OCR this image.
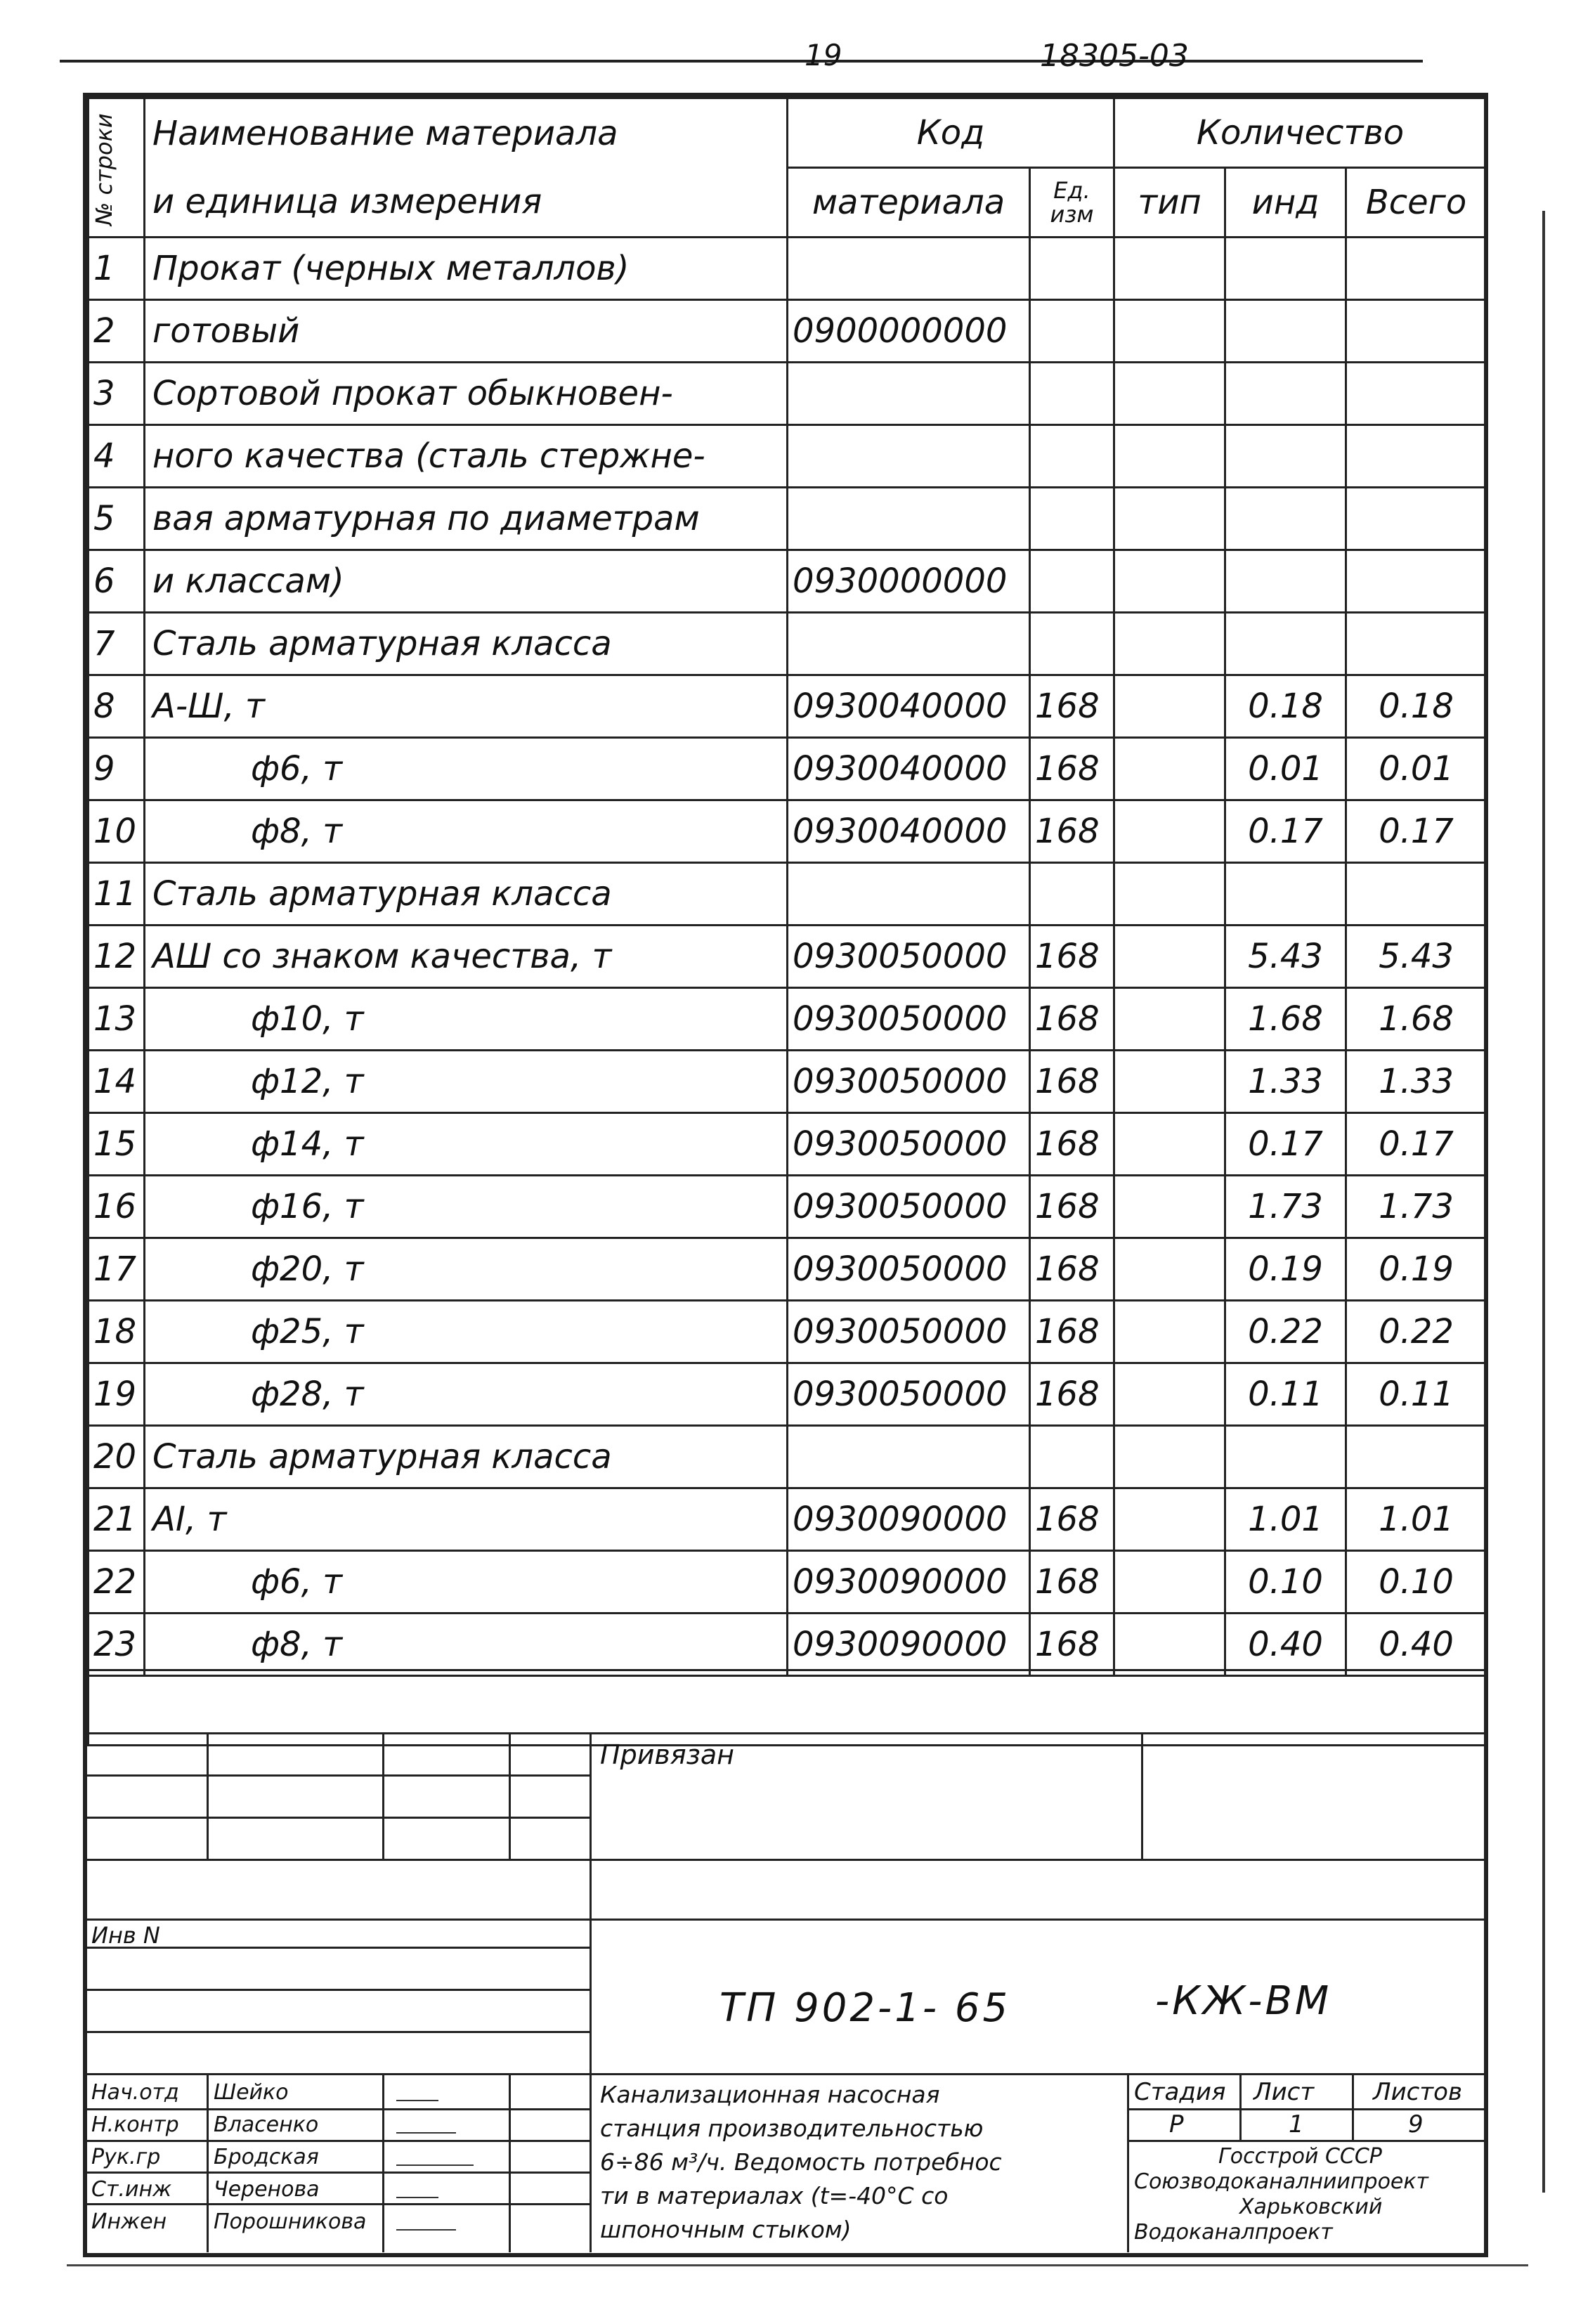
19	18305-03
№ строки	Наименование материала	Код		Количество		
	и единица измерения	материала	Ед. изм	тип	инд	Всего
1	Прокат (черных металлов)					
2	готовый	0900000000				
3	Сортовой прокат обыкновен-					
4	ного качества (сталь стержне-					
5	вая арматурная по диаметрам					
6	и классам)	0930000000				
7	Сталь арматурная класса					
8	А-Ш, т	0930040000	168		0.18	0.18
9	ф6, т	0930040000	168		0.01	0.01
10	ф8, т	0930040000	168		0.17	0.17
11	Сталь арматурная класса					
12	АШ со знаком качества, т	0930050000	168		5.43	5.43
13	ф10, т	0930050000	168		1.68	1.68
14	ф12, т	0930050000	168		1.33	1.33
15	ф14, т	0930050000	168		0.17	0.17
16	ф16, т	0930050000	168		1.73	1.73
17	ф20, т	0930050000	168		0.19	0.19
18	ф25, т	0930050000	168		0.22	0.22
19	ф28, т	0930050000	168		0.11	0.11
20	Сталь арматурная класса					
21	АI, т	0930090000	168		1.01	1.01
22	ф6, т	0930090000	168		0.10	0.10
23	ф8, т	0930090000	168		0.40	0.40

Привязан
Инв N
ТП 902-1- 65	-КЖ-ВМ
Канализационная насосная
станция производительностью
6÷86 м³/ч. Ведомость потребнос
ти в материалах (t=-40°С со
шпоночным стыком)
Стадия Лист Листов
Р	1	9
Госстрой СССР
Союзводоканалниипроект
Харьковский
Водоканалпроект
Нач.отд Шейко
Н.контр Власенко
Рук.гр	Бродская
Ст.инж Черенова
Инжен Порошникова
